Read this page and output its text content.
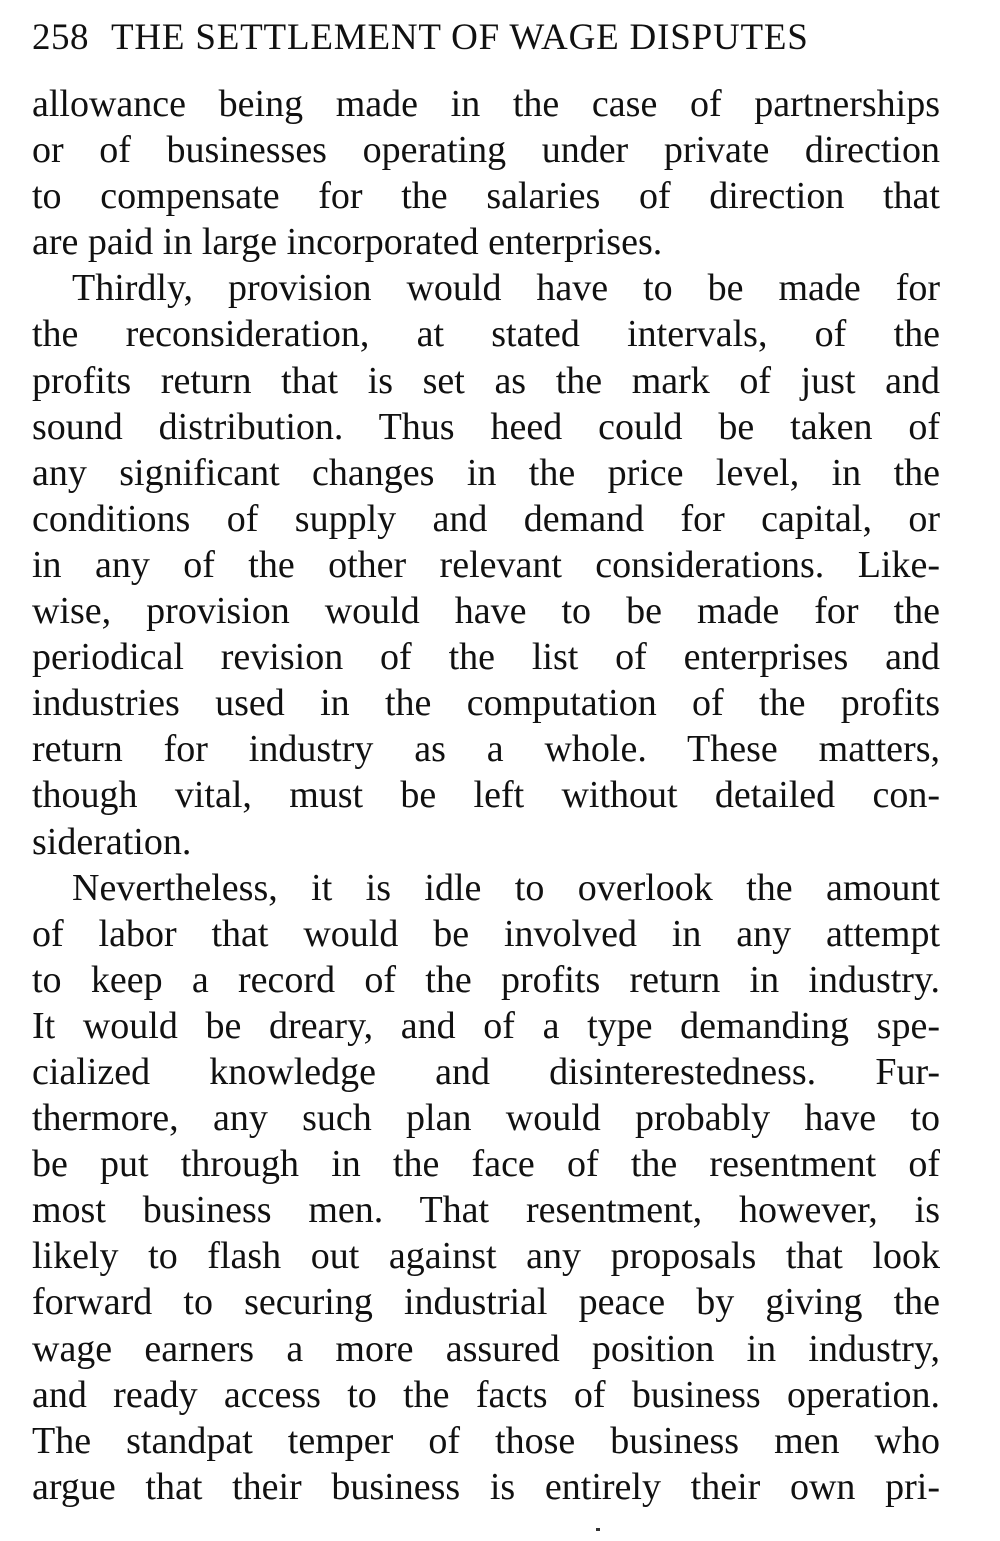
258 THE SETTLEMENT OF WAGE DISPUTES
allowance being made in the case of partnerships
or of businesses operating under private direction
to compensate for the salaries of direction that
are paid in large incorporated enterprises.
Thirdly, provision would have to be made for
the reconsideration, at stated intervals, of the
profits return that is set as the mark of just and
sound distribution. Thus heed could be taken of
any significant changes in the price level, in the
conditions of supply and demand for capital, or
in any of the other relevant considerations. Like-
wise, provision would have to be made for the
periodical revision of the list of enterprises and
industries used in the computation of the profits
return for industry as a whole. These matters,
though vital, must be left without detailed con-
sideration.
Nevertheless, it is idle to overlook the amount
of labor that would be involved in any attempt
to keep a record of the profits return in industry.
It would be dreary, and of a type demanding spe-
cialized knowledge and disinterestedness. Fur-
thermore, any such plan would probably have to
be put through in the face of the resentment of
most business men. That resentment, however, is
likely to flash out against any proposals that look
forward to securing industrial peace by giving the
wage earners a more assured position in industry,
and ready access to the facts of business operation.
The standpat temper of those business men who
argue that their business is entirely their own pri-
